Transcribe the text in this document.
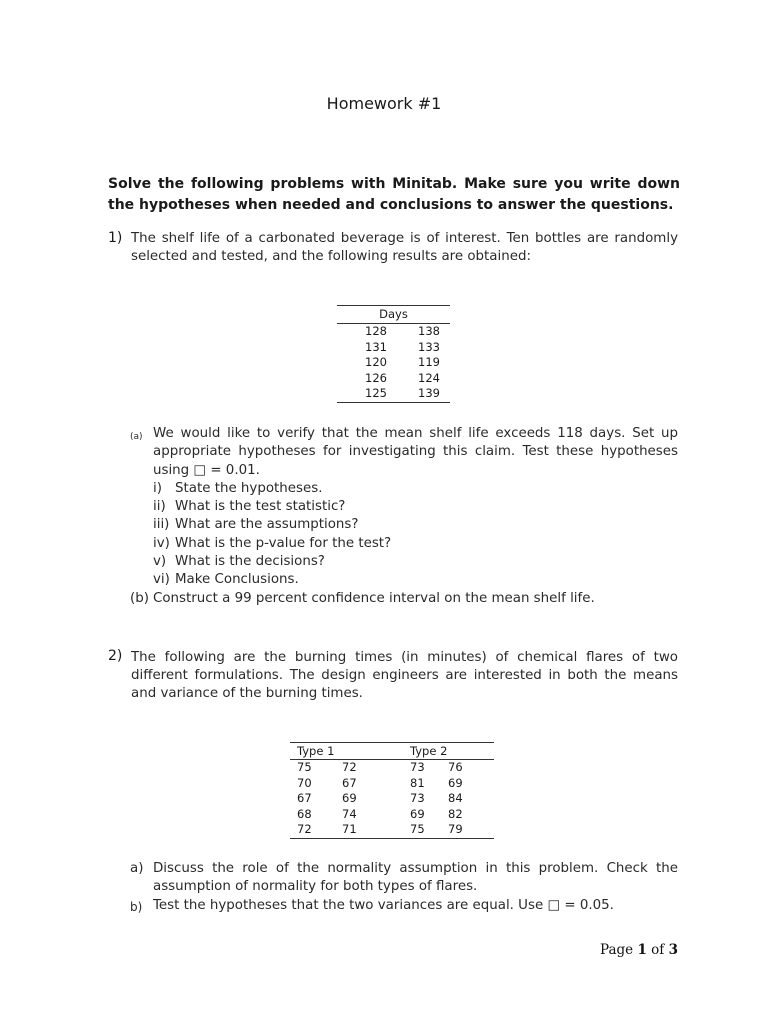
Homework #1
Solve the following problems with Minitab. Make sure you write down the hypotheses when needed and conclusions to answer the questions.
1) The shelf life of a carbonated beverage is of interest. Ten bottles are randomly selected and tested, and the following results are obtained:
Days
128	138
131	133
120	119
126	124
125	139
(a) We would like to verify that the mean shelf life exceeds 118 days. Set up appropriate hypotheses for investigating this claim. Test these hypotheses using □ = 0.01.
i) State the hypotheses.
ii) What is the test statistic?
iii) What are the assumptions?
iv) What is the p-value for the test?
v) What is the decisions?
vi) Make Conclusions.
(b) Construct a 99 percent confidence interval on the mean shelf life.
2) The following are the burning times (in minutes) of chemical flares of two different formulations. The design engineers are interested in both the means and variance of the burning times.
Type 1	Type 2
75	72	73	76
70	67	81	69
67	69	73	84
68	74	69	82
72	71	75	79
a) Discuss the role of the normality assumption in this problem. Check the assumption of normality for both types of flares.
b) Test the hypotheses that the two variances are equal. Use □ = 0.05.
Page 1 of 3
